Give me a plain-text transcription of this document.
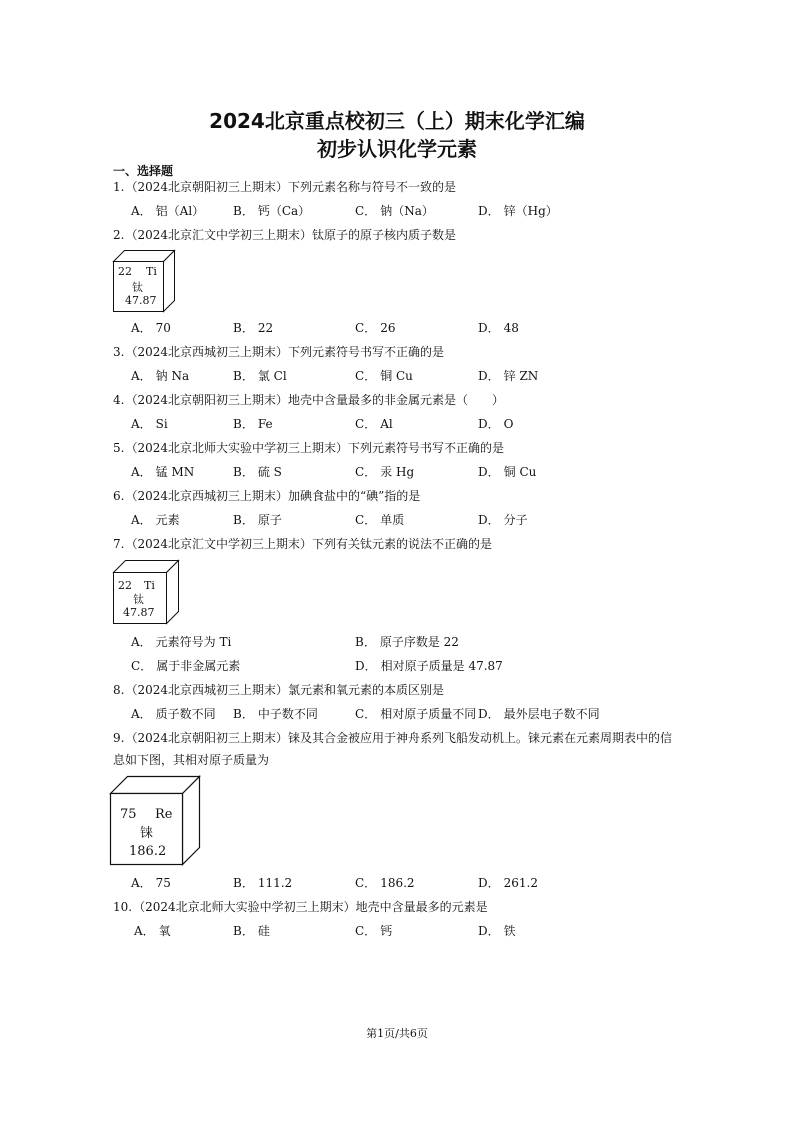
2024北京重点校初三（上）期末化学汇编
初步认识化学元素
一、选择题
1.（2024北京朝阳初三上期末）下列元素名称与符号不一致的是
A． 铝（Al） B． 钙（Ca）	C． 钠（Na）	D． 锌（Hg）
2.（2024北京汇文中学初三上期末）钛原子的原子核内质子数是
22 Ti
钛
47.87
A． 70	B． 22	C． 26	D． 48
3.（2024北京西城初三上期末）下列元素符号书写不正确的是
A． 钠 Na	B． 氯 Cl	C． 铜 Cu	D． 锌 ZN
4.（2024北京朝阳初三上期末）地壳中含量最多的非金属元素是（　　）
A． Si	B． Fe	C． Al	D． O
5.（2024北京北师大实验中学初三上期末）下列元素符号书写不正确的是
A． 锰 MN	B． 硫 S	C． 汞 Hg	D． 铜 Cu
6.（2024北京西城初三上期末）加碘食盐中的“碘”指的是
A． 元素	B． 原子	C． 单质	D． 分子
7.（2024北京汇文中学初三上期末）下列有关钛元素的说法不正确的是
22 Ti
钛
47.87
A． 元素符号为 Ti	B． 原子序数是 22
C． 属于非金属元素	D． 相对原子质量是 47.87
8.（2024北京西城初三上期末）氯元素和氧元素的本质区别是
A． 质子数不同 B． 中子数不同	C． 相对原子质量不同 D． 最外层电子数不同
9.（2024北京朝阳初三上期末）铼及其合金被应用于神舟系列飞船发动机上。铼元素在元素周期表中的信
息如下图，其相对原子质量为
75 Re
铼
186.2
A． 75	B． 111.2	C． 186.2	D． 261.2
10.（2024北京北师大实验中学初三上期末）地壳中含量最多的元素是
A． 氧	B． 硅	C． 钙	D． 铁
第1页/共6页
